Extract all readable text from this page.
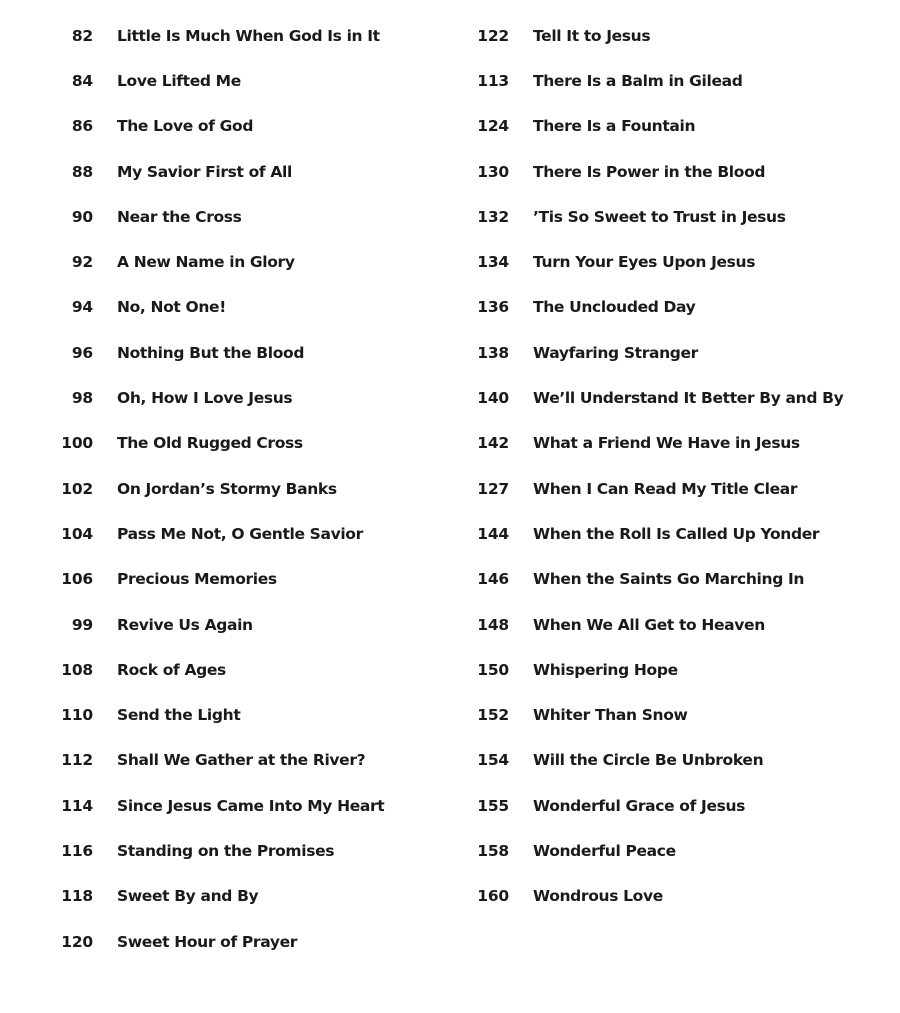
82 Little Is Much When God Is in It
84 Love Lifted Me
86 The Love of God
88 My Savior First of All
90 Near the Cross
92 A New Name in Glory
94 No, Not One!
96 Nothing But the Blood
98 Oh, How I Love Jesus
100 The Old Rugged Cross
102 On Jordan’s Stormy Banks
104 Pass Me Not, O Gentle Savior
106 Precious Memories
99 Revive Us Again
108 Rock of Ages
110 Send the Light
112 Shall We Gather at the River?
114 Since Jesus Came Into My Heart
116 Standing on the Promises
118 Sweet By and By
120 Sweet Hour of Prayer
122 Tell It to Jesus
113 There Is a Balm in Gilead
124 There Is a Fountain
130 There Is Power in the Blood
132 ’Tis So Sweet to Trust in Jesus
134 Turn Your Eyes Upon Jesus
136 The Unclouded Day
138 Wayfaring Stranger
140 We’ll Understand It Better By and By
142 What a Friend We Have in Jesus
127 When I Can Read My Title Clear
144 When the Roll Is Called Up Yonder
146 When the Saints Go Marching In
148 When We All Get to Heaven
150 Whispering Hope
152 Whiter Than Snow
154 Will the Circle Be Unbroken
155 Wonderful Grace of Jesus
158 Wonderful Peace
160 Wondrous Love
